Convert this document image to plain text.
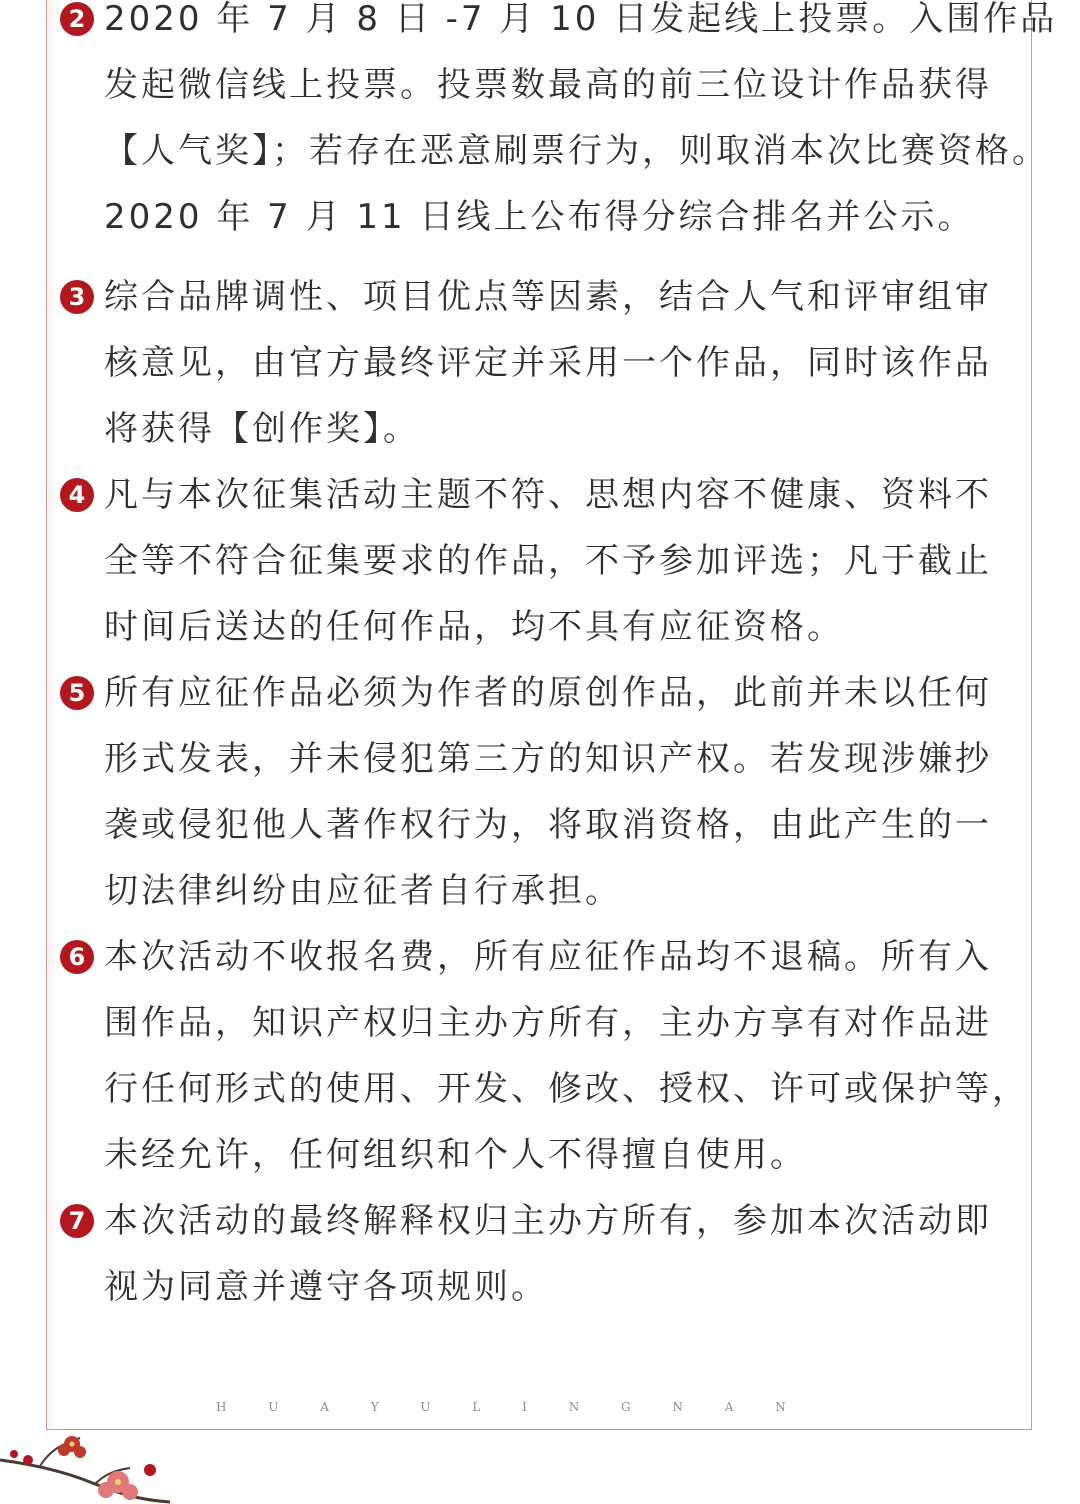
2 2020 年 7 月 8 日 -7 月 10 日发起线上投票。入围作品
发起微信线上投票。投票数最高的前三位设计作品获得
【人气奖】；若存在恶意刷票行为，则取消本次比赛资格。
2020 年 7 月 11 日线上公布得分综合排名并公示。
3 综合品牌调性、项目优点等因素，结合人气和评审组审
核意见，由官方最终评定并采用一个作品，同时该作品
将获得【创作奖】。
4 凡与本次征集活动主题不符、思想内容不健康、资料不
全等不符合征集要求的作品，不予参加评选；凡于截止
时间后送达的任何作品，均不具有应征资格。
5 所有应征作品必须为作者的原创作品，此前并未以任何
形式发表，并未侵犯第三方的知识产权。若发现涉嫌抄
袭或侵犯他人著作权行为，将取消资格，由此产生的一
切法律纠纷由应征者自行承担。
6 本次活动不收报名费，所有应征作品均不退稿。所有入
围作品，知识产权归主办方所有，主办方享有对作品进
行任何形式的使用、开发、修改、授权、许可或保护等，
未经允许，任何组织和个人不得擅自使用。
7 本次活动的最终解释权归主办方所有，参加本次活动即
视为同意并遵守各项规则。
H U A Y U L I N G N A N
